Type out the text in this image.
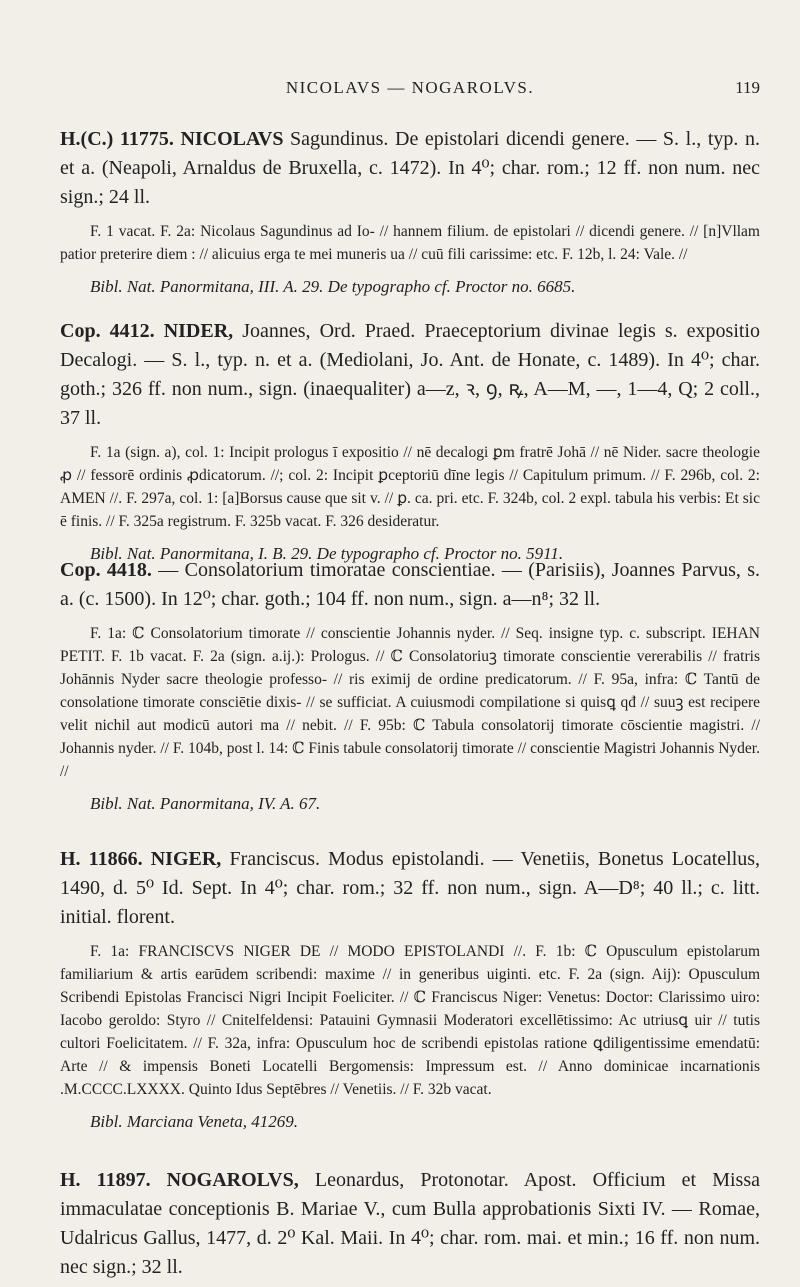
NICOLAVS — NOGAROLVS.	119

H.(C.) 11775. NICOLAVS Sagundinus. De epistolari dicendi genere. — S. l., typ. n. et a. (Neapoli, Arnaldus de Bruxella, c. 1472). In 4⁰; char. rom.; 12 ff. non num. nec sign.; 24 ll.

F. 1 vacat. F. 2a: Nicolaus Sagundinus ad Io- // hannem filium. de epistolari // dicendi genere. // [n]Vllam patior preterire diem : // alicuius erga te mei muneris ua // cuū fili carissime: etc. F. 12b, l. 24: Vale. //

Bibl. Nat. Panormitana, III. A. 29. De typographo cf. Proctor no. 6685.

Cop. 4412. NIDER, Joannes, Ord. Praed. Praeceptorium divinae legis s. expositio Decalogi. — S. l., typ. n. et a. (Mediolani, Jo. Ant. de Honate, c. 1489). In 4⁰; char. goth.; 326 ff. non num., sign. (inaequaliter) a—z, ꝛ, ꝯ, ꝶ, A—M, —, 1—4, Q; 2 coll., 37 ll.

F. 1a (sign. a), col. 1: Incipit prologus ī expositio // nē decalogi ꝑm fratrē Johā // nē Nider. sacre theologie ꝓ // fessorē ordinis ꝓdicatorum. //; col. 2: Incipit ꝑceptoriū dīne legis // Capitulum primum. // F. 296b, col. 2: AMEN //. F. 297a, col. 1: [a]Borsus cause que sit v. // ꝑ. ca. pri. etc. F. 324b, col. 2 expl. tabula his verbis: Et sic ē finis. // F. 325a registrum. F. 325b vacat. F. 326 desideratur.

Bibl. Nat. Panormitana, I. B. 29. De typographo cf. Proctor no. 5911.

Cop. 4418. — Consolatorium timoratae conscientiae. — (Parisiis), Joannes Parvus, s. a. (c. 1500). In 12⁰; char. goth.; 104 ff. non num., sign. a—n⁸; 32 ll.

F. 1a: ℂ Consolatorium timorate // conscientie Johannis nyder. // Seq. insigne typ. c. subscript. IEHAN PETIT. F. 1b vacat. F. 2a (sign. a.ij.): Prologus. // ℂ Consolatoriuꝫ timorate conscientie vererabilis // fratris Johānnis Nyder sacre theologie professo- // ris eximij de ordine predicatorum. // F. 95a, infra: ℂ Tantū de consolatione timorate consciētie dixis- // se sufficiat. A cuiusmodi compilatione si quisꝗ qđ // suuꝫ est recipere velit nichil aut modicū autori ma // nebit. // F. 95b: ℂ Tabula consolatorij timorate cōscientie magistri. // Johannis nyder. // F. 104b, post l. 14: ℂ Finis tabule consolatorij timorate // conscientie Magistri Johannis Nyder. //

Bibl. Nat. Panormitana, IV. A. 67.

H. 11866. NIGER, Franciscus. Modus epistolandi. — Venetiis, Bonetus Locatellus, 1490, d. 5⁰ Id. Sept. In 4⁰; char. rom.; 32 ff. non num., sign. A—D⁸; 40 ll.; c. litt. initial. florent.

F. 1a: FRANCISCVS NIGER DE // MODO EPISTOLANDI //. F. 1b: ℂ Opusculum epistolarum familiarium & artis earūdem scribendi: maxime // in generibus uiginti. etc. F. 2a (sign. Aij): Opusculum Scribendi Epistolas Francisci Nigri Incipit Foeliciter. // ℂ Franciscus Niger: Venetus: Doctor: Clarissimo uiro: Iacobo geroldo: Styro // Cnitelfeldensi: Patauini Gymnasii Moderatori excellētissimo: Ac utriusꝗ uir // tutis cultori Foelicitatem. // F. 32a, infra: Opusculum hoc de scribendi epistolas ratione ꝗdiligentissime emendatū: Arte // & impensis Boneti Locatelli Bergomensis: Impressum est. // Anno dominicae incarnationis .M.CCCC.LXXXX. Quinto Idus Septēbres // Venetiis. // F. 32b vacat.

Bibl. Marciana Veneta, 41269.

H. 11897. NOGAROLVS, Leonardus, Protonotar. Apost. Officium et Missa immaculatae conceptionis B. Mariae V., cum Bulla approbationis Sixti IV. — Romae, Udalricus Gallus, 1477, d. 2⁰ Kal. Maii. In 4⁰; char. rom. mai. et min.; 16 ff. non num. nec sign.; 32 ll.
